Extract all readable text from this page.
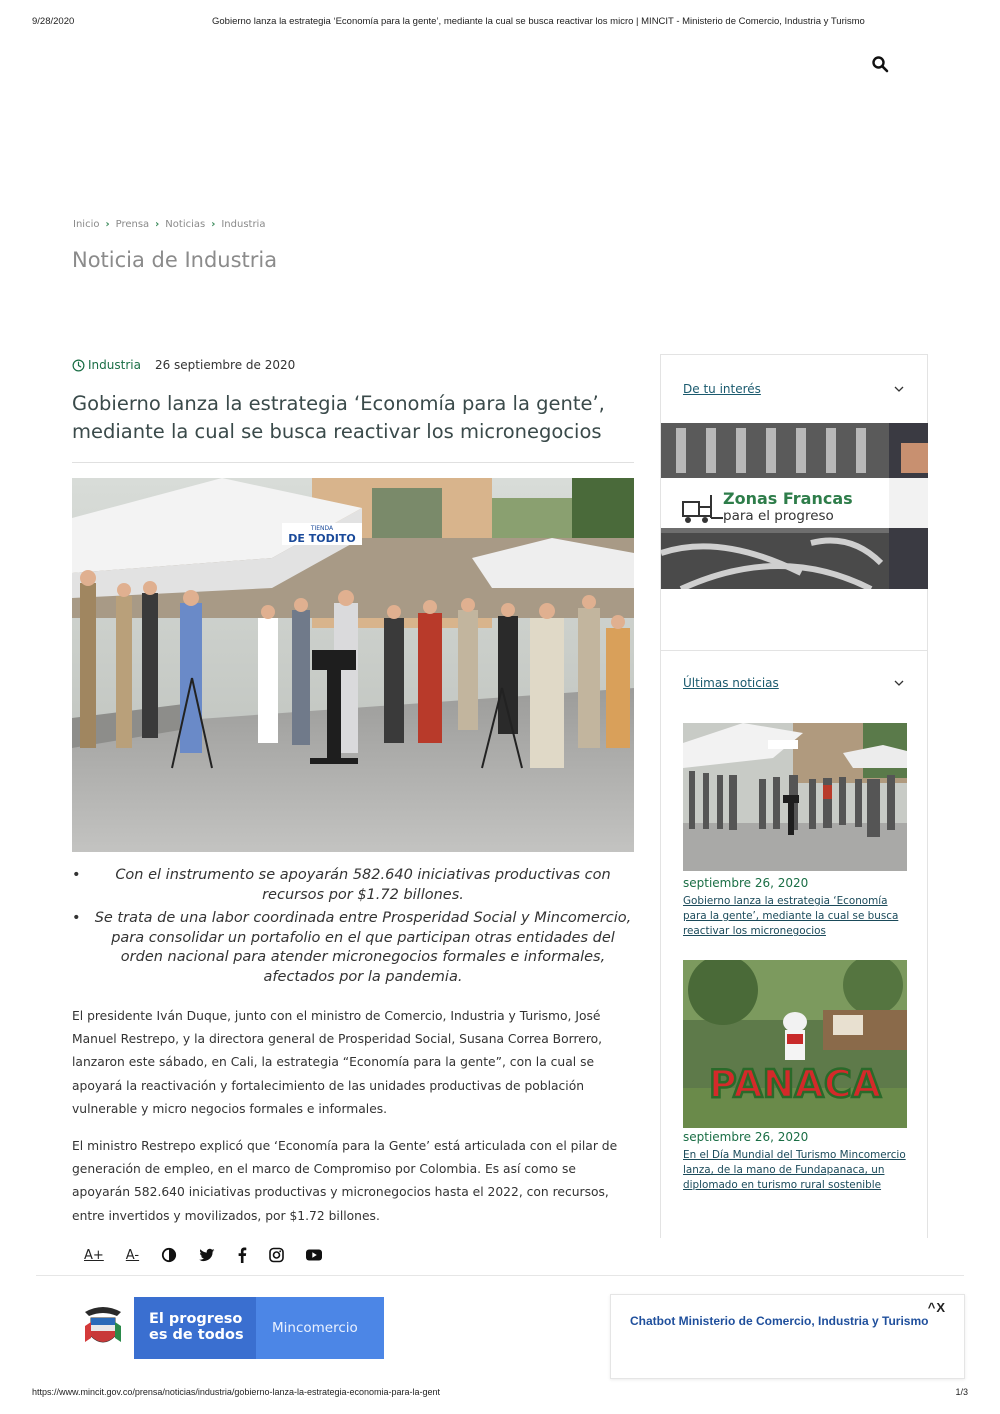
9/28/2020	Gobierno lanza la estrategia ‘Economía para la gente’, mediante la cual se busca reactivar los micro | MINCIT - Ministerio de Comercio, Industria y Turismo
Inicio › Prensa › Noticias › Industria
Noticia de Industria
Industria 26 septiembre de 2020
Gobierno lanza la estrategia ‘Economía para la gente’, mediante la cual se busca reactivar los micronegocios
TIENDA
DE TODITO
• Con el instrumento se apoyarán 582.640 iniciativas productivas con recursos por $1.72 billones.
• Se trata de una labor coordinada entre Prosperidad Social y Mincomercio, para consolidar un portafolio en el que participan otras entidades del orden nacional para atender micronegocios formales e informales, afectados por la pandemia.

El presidente Iván Duque, junto con el ministro de Comercio, Industria y Turismo, José Manuel Restrepo, y la directora general de Prosperidad Social, Susana Correa Borrero, lanzaron este sábado, en Cali, la estrategia “Economía para la gente”, con la cual se apoyará la reactivación y fortalecimiento de las unidades productivas de población vulnerable y micro negocios formales e informales.

El ministro Restrepo explicó que ‘Economía para la Gente’ está articulada con el pilar de generación de empleo, en el marco de Compromiso por Colombia. Es así como se apoyarán 582.640 iniciativas productivas y micronegocios hasta el 2022, con recursos, entre invertidos y movilizados, por $1.72 billones.

A+ A-
De tu interés
Zonas Francas
para el progreso
Últimas noticias
septiembre 26, 2020
Gobierno lanza la estrategia ‘Economía para la gente’, mediante la cual se busca reactivar los micronegocios
PANACA
septiembre 26, 2020
En el Día Mundial del Turismo Mincomercio lanza, de la mano de Fundapanaca, un diplomado en turismo rural sostenible
El progreso
es de todos	Mincomercio
^X
Chatbot Ministerio de Comercio, Industria y Turismo
https://www.mincit.gov.co/prensa/noticias/industria/gobierno-lanza-la-estrategia-economia-para-la-gent	1/3
